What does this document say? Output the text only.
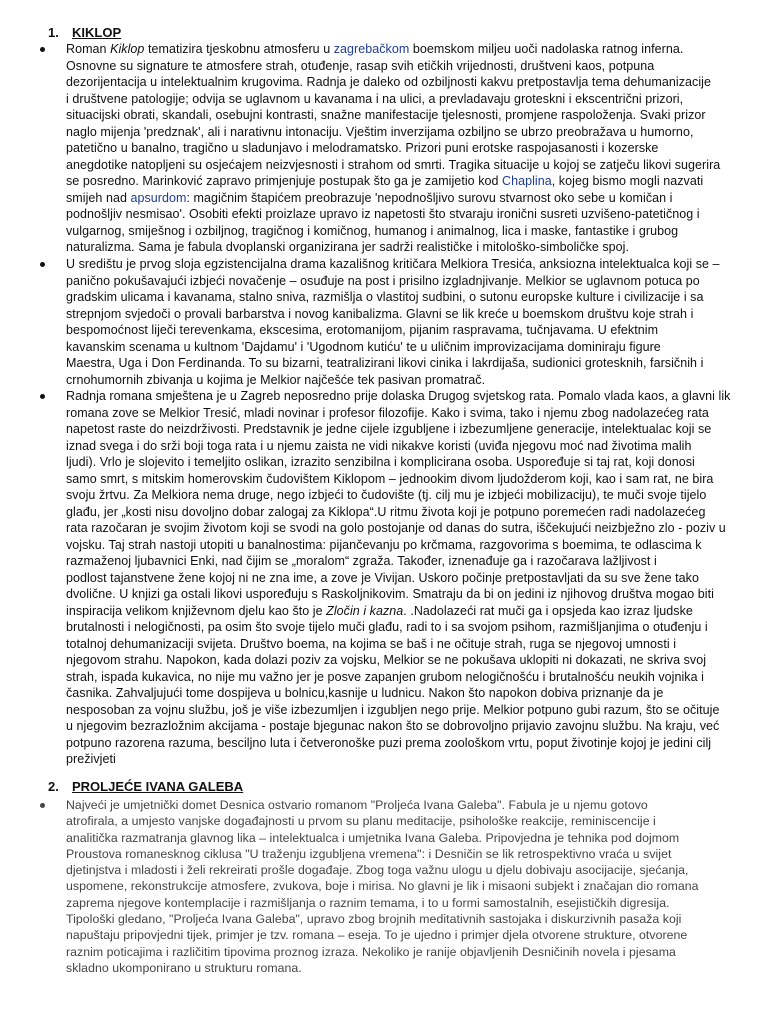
1. KIKLOP
Roman Kiklop tematizira tjeskobnu atmosferu u zagrebačkom boemskom miljeu uoči nadolaska ratnog inferna.
Osnovne su signature te atmosfere strah, otuđenje, rasap svih etičkih vrijednosti, društveni kaos, potpuna
dezorijentacija u intelektualnim krugovima. Radnja je daleko od ozbiljnosti kakvu pretpostavlja tema dehumanizacije
i društvene patologije; odvija se uglavnom u kavanama i na ulici, a prevladavaju groteskni i ekscentrični prizori,
situacijski obrati, skandali, osebujni kontrasti, snažne manifestacije tjelesnosti, promjene raspoloženja. Svaki prizor
naglo mijenja 'predznak', ali i narativnu intonaciju. Vještim inverzijama ozbiljno se ubrzo preobražava u humorno,
patetično u banalno, tragično u sladunjavo i melodramatsko. Prizori puni erotske raspojasanosti i kozerske
anegdotike natopljeni su osjećajem neizvjesnosti i strahom od smrti. Tragika situacije u kojoj se zatječu likovi sugerira
se posredno. Marinković zapravo primjenjuje postupak što ga je zamijetio kod Chaplina, kojeg bismo mogli nazvati
smijeh nad apsurdom: magičnim štapićem preobrazuje 'nepodnošljivo surovu stvarnost oko sebe u komičan i
podnošljiv nesmisao'. Osobiti efekti proizlaze upravo iz napetosti što stvaraju ironični susreti uzvišeno-patetičnog i
vulgarnog, smiješnog i ozbiljnog, tragičnog i komičnog, humanog i animalnog, lica i maske, fantastike i grubog
naturalizma. Sama je fabula dvoplanski organizirana jer sadrži realističke i mitološko-simboličke spoj.
U središtu je prvog sloja egzistencijalna drama kazališnog kritičara Melkiora Tresića, anksiozna intelektualca koji se –
panično pokušavajući izbjeći novačenje – osuđuje na post i prisilno izgladnjivanje. Melkior se uglavnom potuca po
gradskim ulicama i kavanama, stalno sniva, razmišlja o vlastitoj sudbini, o sutonu europske kulture i civilizacije i sa
strepnjom svjedoči o provali barbarstva i novog kanibalizma. Glavni se lik kreće u boemskom društvu koje strah i
bespomoćnost liječi terevenkama, ekscesima, erotomanijom, pijanim raspravama, tučnjavama. U efektnim
kavanskim scenama u kultnom 'Dajdamu' i 'Ugodnom kutiću' te u uličnim improvizacijama dominiraju figure
Maestra, Uga i Don Ferdinanda. To su bizarni, teatralizirani likovi cinika i lakrdijaša, sudionici grotesknih, farsičnih i
crnohumornih zbivanja u kojima je Melkior najčešće tek pasivan promatrač.
Radnja romana smještena je u Zagreb neposredno prije dolaska Drugog svjetskog rata. Pomalo vlada kaos, a glavni lik
romana zove se Melkior Tresić, mladi novinar i profesor filozofije. Kako i svima, tako i njemu zbog nadolazećeg rata
napetost raste do neizdrživosti. Predstavnik je jedne cijele izgubljene i izbezumljene generacije, intelektualac koji se
iznad svega i do srži boji toga rata i u njemu zaista ne vidi nikakve koristi (uviđa njegovu moć nad životima malih
ljudi). Vrlo je slojevito i temeljito oslikan, izrazito senzibilna i komplicirana osoba. Uspoređuje si taj rat, koji donosi
samo smrt, s mitskim homerovskim čudovištem Kiklopom – jednookim divom ljudožderom koji, kao i sam rat, ne bira
svoju žrtvu. Za Melkiora nema druge, nego izbjeći to čudovište (tj. cilj mu je izbjeći mobilizaciju), te muči svoje tijelo
glađu, jer „kosti nisu dovoljno dobar zalogaj za Kiklopa“.U ritmu života koji je potpuno poremećen radi nadolazećeg
rata razočaran je svojim životom koji se svodi na golo postojanje od danas do sutra, iščekujući neizbježno zlo - poziv u
vojsku. Taj strah nastoji utopiti u banalnostima: pijančevanju po krčmama, razgovorima s boemima, te odlascima k
razmaženoj ljubavnici Enki, nad čijim se „moralom“ zgraža. Također, iznenađuje ga i razočarava lažljivost i
podlost tajanstvene žene kojoj ni ne zna ime, a zove je Vivijan. Uskoro počinje pretpostavljati da su sve žene tako
dvolične. U knjizi ga ostali likovi uspoređuju s Raskoljnikovim. Smatraju da bi on jedini iz njihovog društva mogao biti
inspiracija velikom književnom djelu kao što je Zločin i kazna. .Nadolazeći rat muči ga i opsjeda kao izraz ljudske
brutalnosti i nelogičnosti, pa osim što svoje tijelo muči glađu, radi to i sa svojom psihom, razmišljanjima o otuđenju i
totalnoj dehumanizaciji svijeta. Društvo boema, na kojima se baš i ne očituje strah, ruga se njegovoj umnosti i
njegovom strahu. Napokon, kada dolazi poziv za vojsku, Melkior se ne pokušava uklopiti ni dokazati, ne skriva svoj
strah, ispada kukavica, no nije mu važno jer je posve zapanjen grubom nelogičnošću i brutalnošću neukih vojnika i
časnika. Zahvaljujući tome dospijeva u bolnicu,kasnije u ludnicu. Nakon što napokon dobiva priznanje da je
nesposoban za vojnu službu, još je više izbezumljen i izgubljen nego prije. Melkior potpuno gubi razum, što se očituje
u njegovim bezrazložnim akcijama - postaje bjegunac nakon što se dobrovoljno prijavio zavojnu službu. Na kraju, već
potpuno razorena razuma, besciljno luta i četveronoške puzi prema zoološkom vrtu, poput životinje kojoj je jedini cilj
preživjeti
2. PROLJEĆE IVANA GALEBA
Najveći je umjetnički domet Desnica ostvario romanom "Proljeća Ivana Galeba". Fabula je u njemu gotovo
atrofirala, a umjesto vanjske događajnosti u prvom su planu meditacije, psihološke reakcije, reminiscencije i
analitička razmatranja glavnog lika – intelektualca i umjetnika Ivana Galeba. Pripovjedna je tehnika pod dojmom
Proustova romanesknog ciklusa "U traženju izgubljena vremena": i Desničin se lik retrospektivno vraća u svijet
djetinjstva i mladosti i želi rekreirati prošle događaje. Zbog toga važnu ulogu u djelu dobivaju asocijacije, sjećanja,
uspomene, rekonstrukcije atmosfere, zvukova, boje i mirisa. No glavni je lik i misaoni subjekt i značajan dio romana
zaprema njegove kontemplacije i razmišljanja o raznim temama, i to u formi samostalnih, esejističkih digresija.
Tipološki gledano, "Proljeća Ivana Galeba", upravo zbog brojnih meditativnih sastojaka i diskurzivnih pasaža koji
napuštaju pripovjedni tijek, primjer je tzv. romana – eseja. To je ujedno i primjer djela otvorene strukture, otvorene
raznim poticajima i različitim tipovima proznog izraza. Nekoliko je ranije objavljenih Desničinih novela i pjesama
skladno ukomponirano u strukturu romana.
